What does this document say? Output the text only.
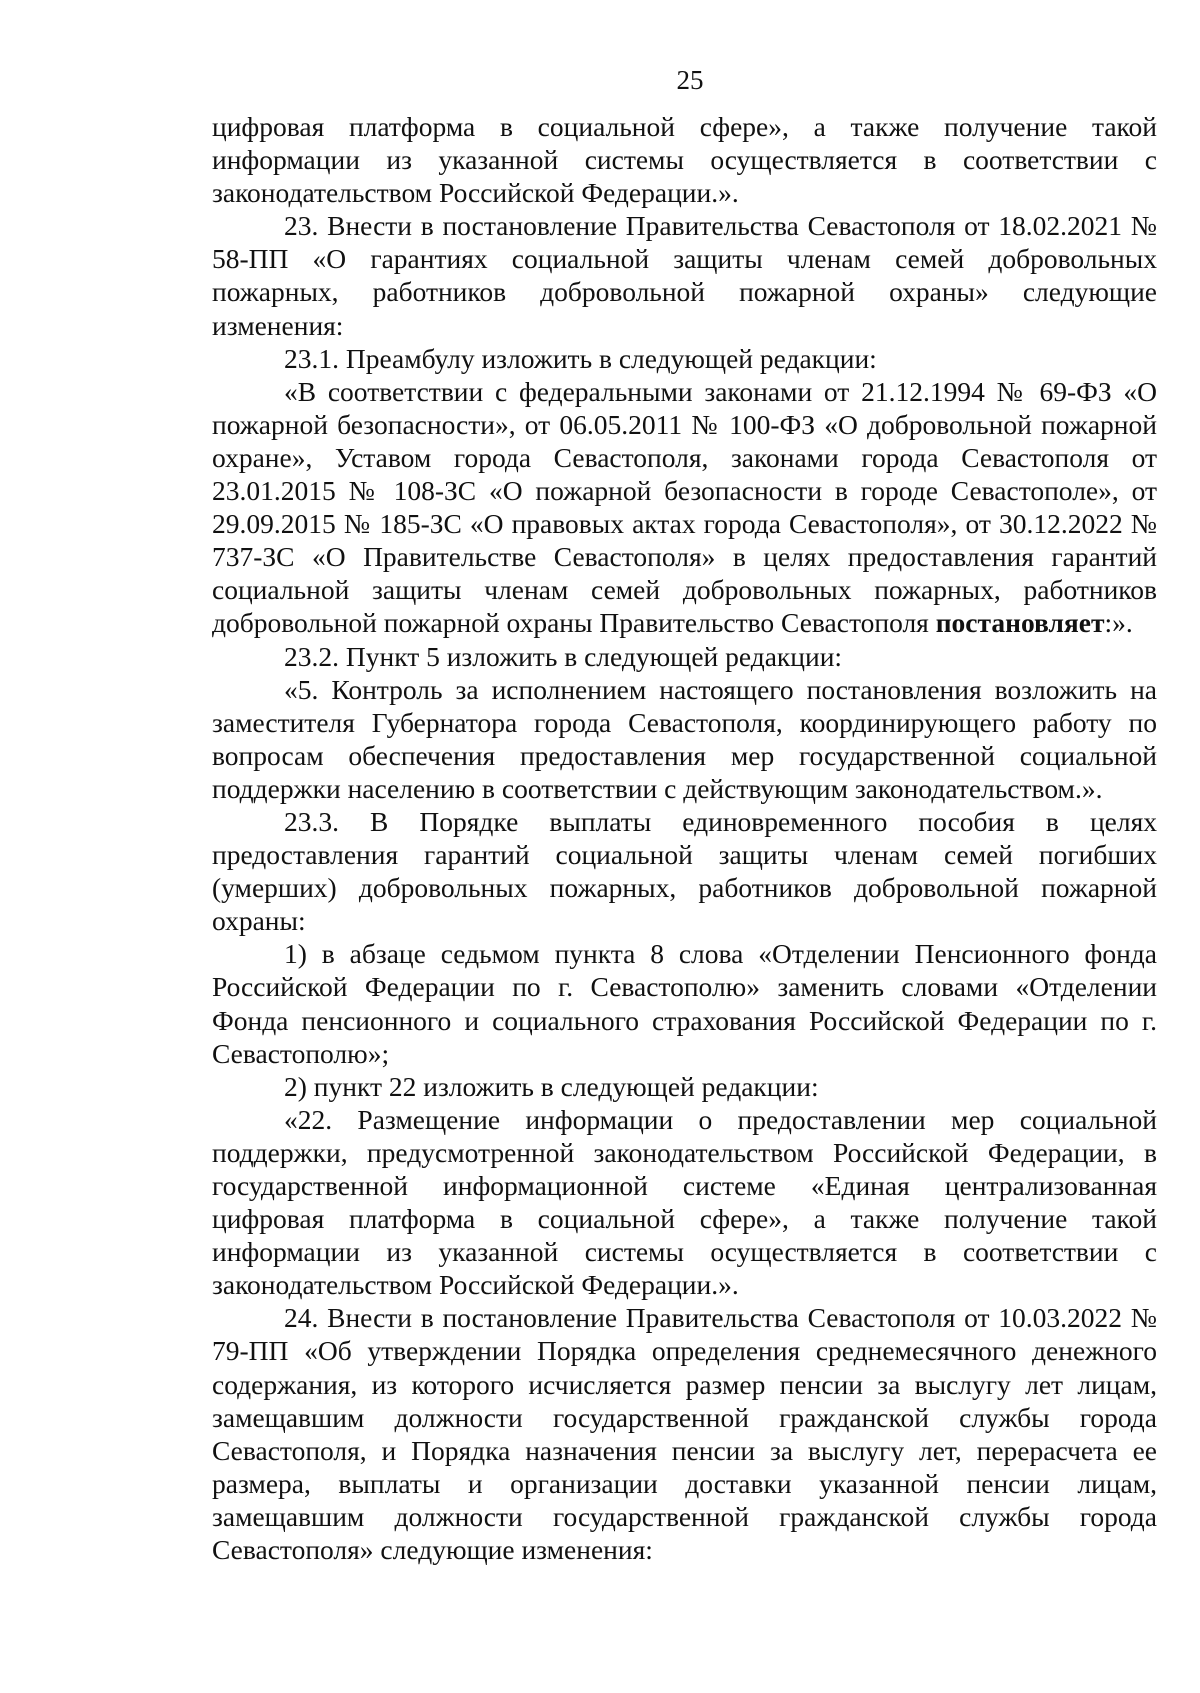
25

цифровая платформа в социальной сфере», а также получение такой информации из указанной системы осуществляется в соответствии с законодательством Российской Федерации.».

23. Внести в постановление Правительства Севастополя от 18.02.2021 № 58-ПП «О гарантиях социальной защиты членам семей добровольных пожарных, работников добровольной пожарной охраны» следующие изменения:

23.1. Преамбулу изложить в следующей редакции:

«В соответствии с федеральными законами от 21.12.1994 № 69-ФЗ «О пожарной безопасности», от 06.05.2011 № 100-ФЗ «О добровольной пожарной охране», Уставом города Севастополя, законами города Севастополя от 23.01.2015 № 108-ЗС «О пожарной безопасности в городе Севастополе», от 29.09.2015 № 185-ЗС «О правовых актах города Севастополя», от 30.12.2022 № 737-ЗС «О Правительстве Севастополя» в целях предоставления гарантий социальной защиты членам семей добровольных пожарных, работников добровольной пожарной охраны Правительство Севастополя постановляет:».

23.2. Пункт 5 изложить в следующей редакции:

«5. Контроль за исполнением настоящего постановления возложить на заместителя Губернатора города Севастополя, координирующего работу по вопросам обеспечения предоставления мер государственной социальной поддержки населению в соответствии с действующим законодательством.».

23.3. В Порядке выплаты единовременного пособия в целях предоставления гарантий социальной защиты членам семей погибших (умерших) добровольных пожарных, работников добровольной пожарной охраны:

1) в абзаце седьмом пункта 8 слова «Отделении Пенсионного фонда Российской Федерации по г. Севастополю» заменить словами «Отделении Фонда пенсионного и социального страхования Российской Федерации по г. Севастополю»;

2) пункт 22 изложить в следующей редакции:

«22. Размещение информации о предоставлении мер социальной поддержки, предусмотренной законодательством Российской Федерации, в государственной информационной системе «Единая централизованная цифровая платформа в социальной сфере», а также получение такой информации из указанной системы осуществляется в соответствии с законодательством Российской Федерации.».

24. Внести в постановление Правительства Севастополя от 10.03.2022 № 79-ПП «Об утверждении Порядка определения среднемесячного денежного содержания, из которого исчисляется размер пенсии за выслугу лет лицам, замещавшим должности государственной гражданской службы города Севастополя, и Порядка назначения пенсии за выслугу лет, перерасчета ее размера, выплаты и организации доставки указанной пенсии лицам, замещавшим должности государственной гражданской службы города Севастополя» следующие изменения:
